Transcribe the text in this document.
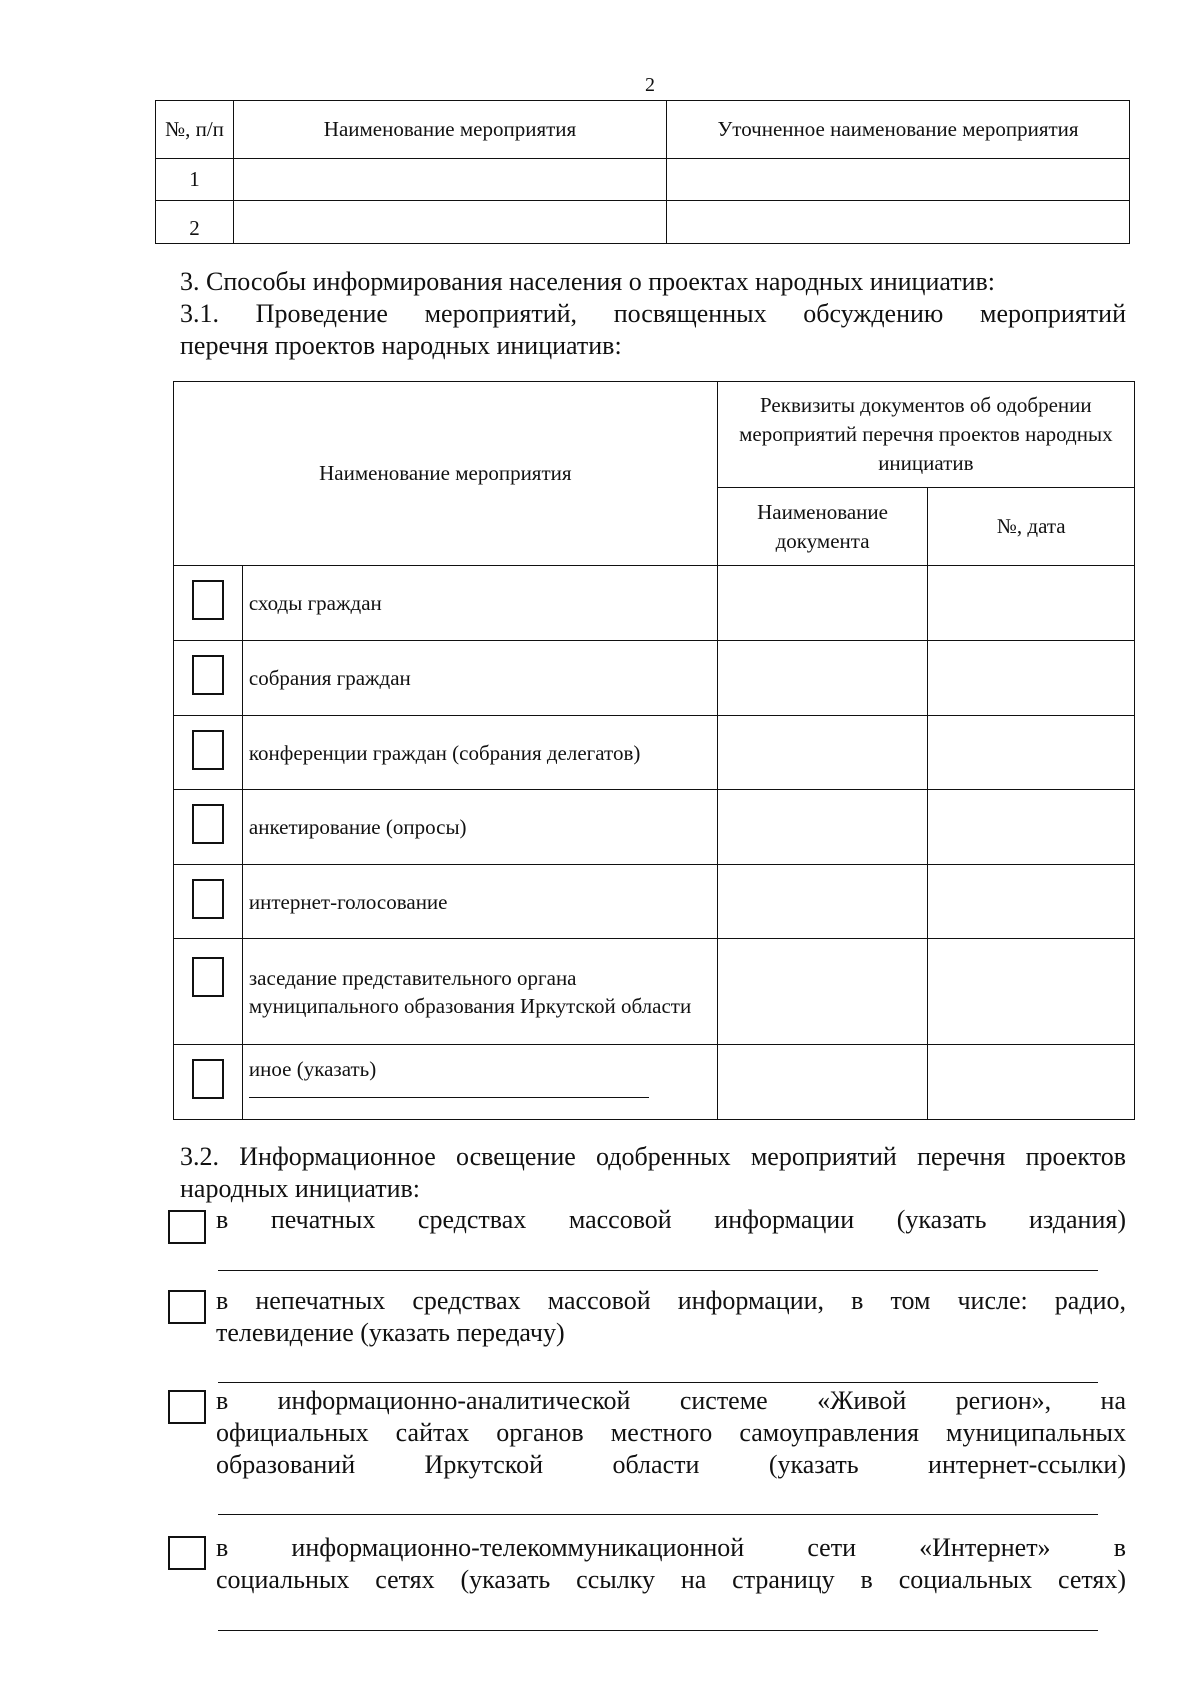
2
№, п/п	Наименование мероприятия	Уточненное наименование мероприятия
1		
2		
3. Способы информирования населения о проектах народных инициатив:
3.1. Проведение мероприятий, посвященных обсуждению мероприятий
перечня проектов народных инициатив:
Наименование мероприятия		Реквизиты документов об одобрении мероприятий перечня проектов народных инициатив	
		Наименование документа	№, дата
	сходы граждан		
	собрания граждан		
	конференции граждан (собрания делегатов)		
	анкетирование (опросы)		
	интернет-голосование		
	заседание представительного органа муниципального образования Иркутской области		
	иное (указать)

3.2. Информационное освещение одобренных мероприятий перечня проектов
народных инициатив:
в печатных средствах массовой информации (указать издания)
в непечатных средствах массовой информации, в том числе: радио,
телевидение (указать передачу)
в информационно-аналитической системе «Живой регион», на
официальных сайтах органов местного самоуправления муниципальных
образований Иркутской области (указать интернет-ссылки)
в информационно-телекоммуникационной сети «Интернет» в
социальных сетях (указать ссылку на страницу в социальных сетях)
